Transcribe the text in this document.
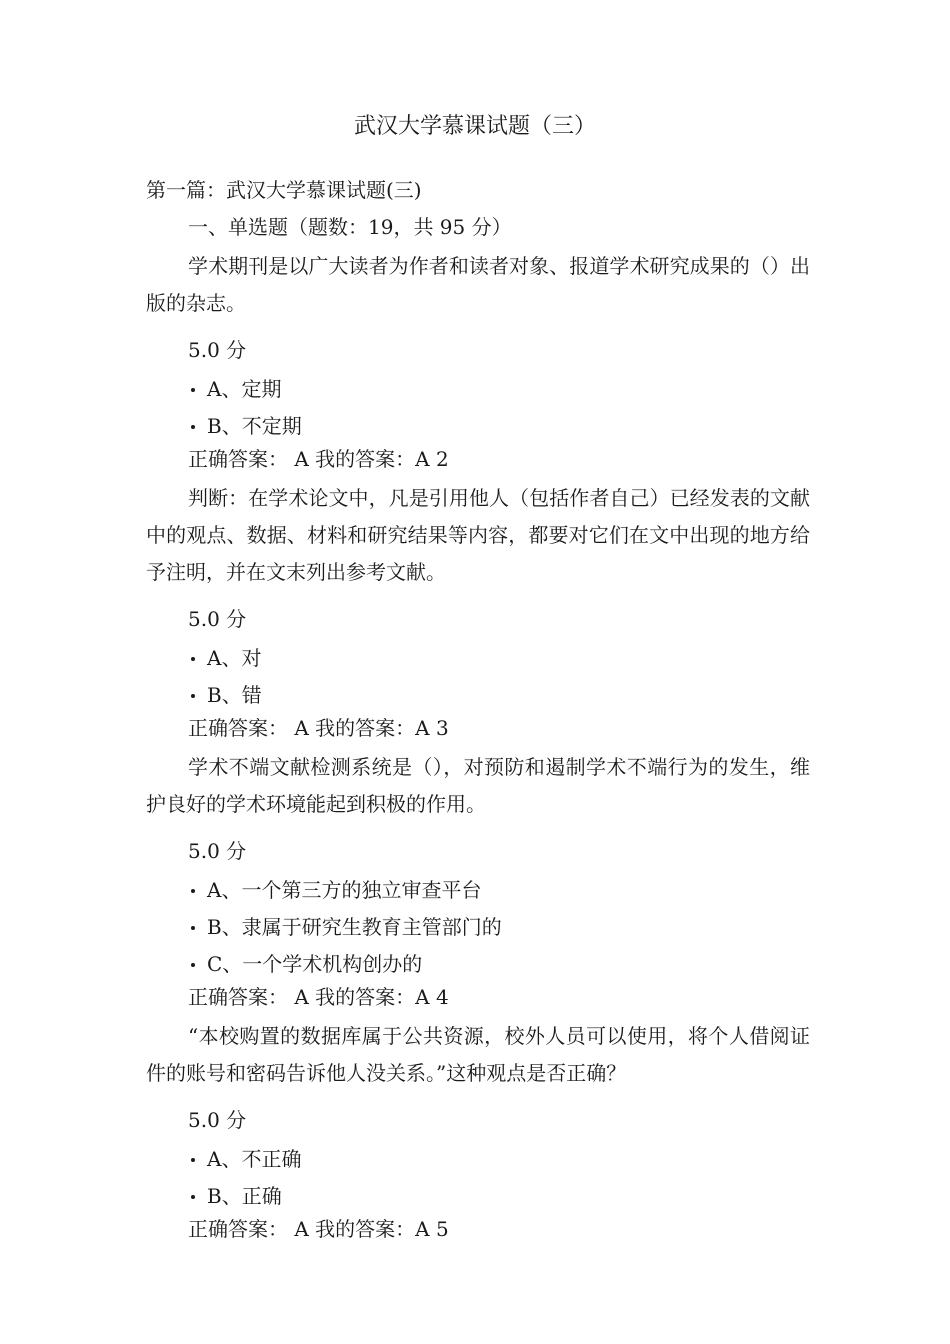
武汉大学慕课试题（三）

第一篇：武汉大学慕课试题(三)

一、单选题（题数：19，共 95 分）

学术期刊是以广大读者为作者和读者对象、报道学术研究成果的（）出版的杂志。

5.0 分

A、定期
B、不定期

正确答案： A 我的答案：A 2

判断：在学术论文中，凡是引用他人（包括作者自己）已经发表的文献中的观点、数据、材料和研究结果等内容，都要对它们在文中出现的地方给予注明，并在文末列出参考文献。

5.0 分

A、对
B、错

正确答案： A 我的答案：A 3

学术不端文献检测系统是（），对预防和遏制学术不端行为的发生，维护良好的学术环境能起到积极的作用。

5.0 分

A、一个第三方的独立审查平台
B、隶属于研究生教育主管部门的
C、一个学术机构创办的

正确答案： A 我的答案：A 4

“本校购置的数据库属于公共资源，校外人员可以使用，将个人借阅证件的账号和密码告诉他人没关系。”这种观点是否正确？

5.0 分

A、不正确
B、正确

正确答案： A 我的答案：A 5
